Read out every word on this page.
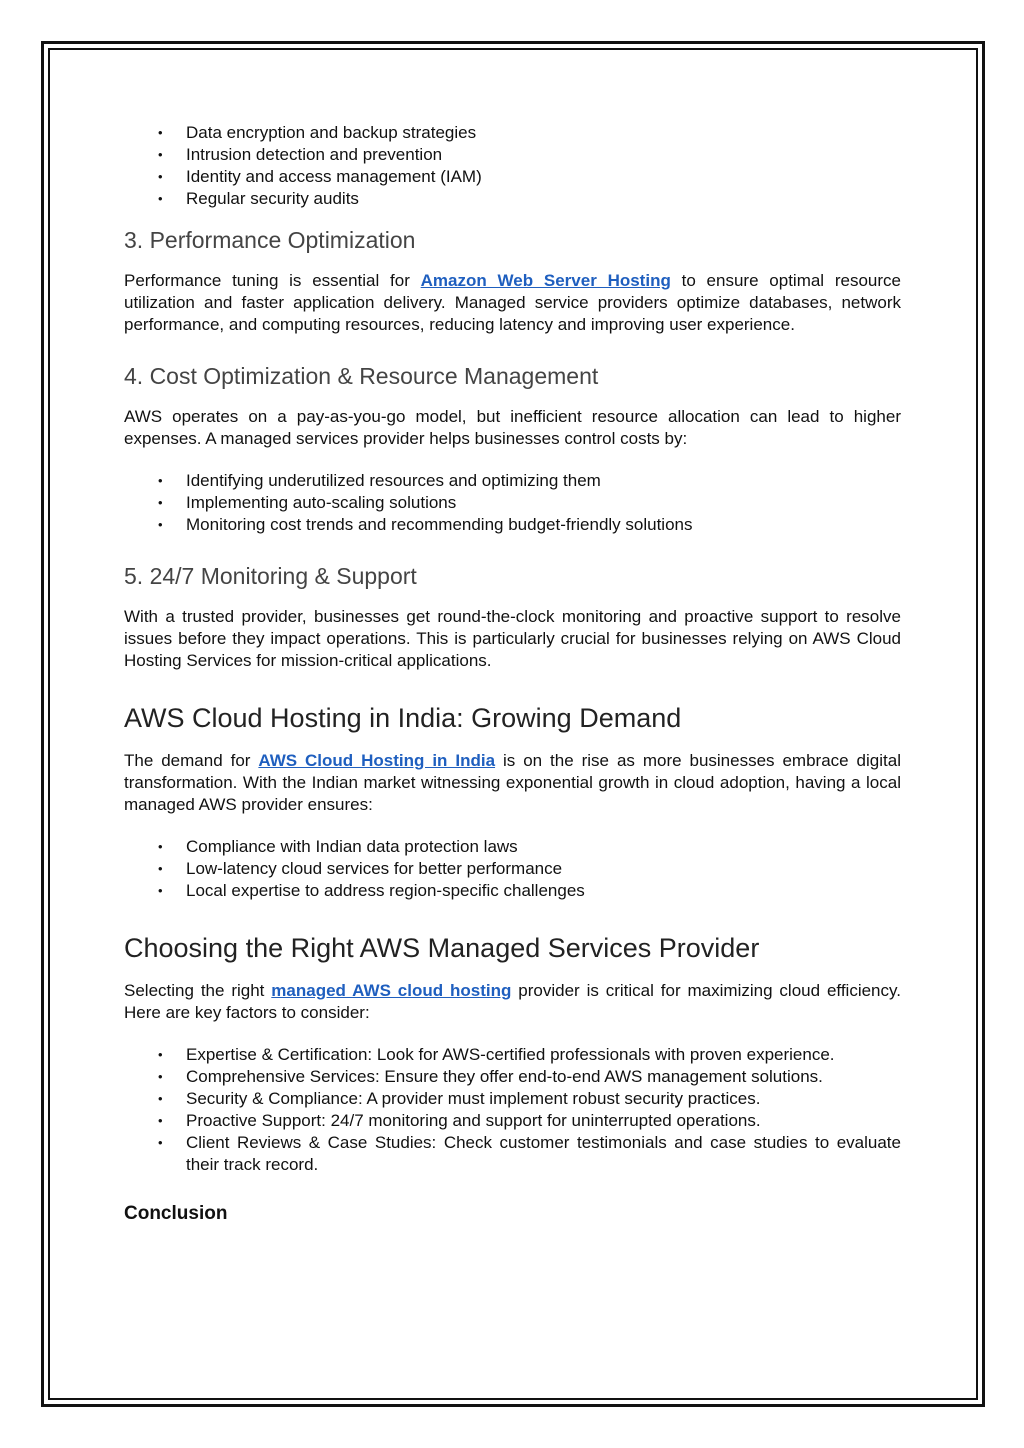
• Data encryption and backup strategies
• Intrusion detection and prevention
• Identity and access management (IAM)
• Regular security audits
3. Performance Optimization

Performance tuning is essential for Amazon Web Server Hosting to ensure optimal resource utilization and faster application delivery. Managed service providers optimize databases, network performance, and computing resources, reducing latency and improving user experience.

4. Cost Optimization & Resource Management

AWS operates on a pay-as-you-go model, but inefficient resource allocation can lead to higher expenses. A managed services provider helps businesses control costs by:

• Identifying underutilized resources and optimizing them
• Implementing auto-scaling solutions
• Monitoring cost trends and recommending budget-friendly solutions
5. 24/7 Monitoring & Support

With a trusted provider, businesses get round-the-clock monitoring and proactive support to resolve issues before they impact operations. This is particularly crucial for businesses relying on AWS Cloud Hosting Services for mission-critical applications.

AWS Cloud Hosting in India: Growing Demand

The demand for AWS Cloud Hosting in India is on the rise as more businesses embrace digital transformation. With the Indian market witnessing exponential growth in cloud adoption, having a local managed AWS provider ensures:

• Compliance with Indian data protection laws
• Low-latency cloud services for better performance
• Local expertise to address region-specific challenges
Choosing the Right AWS Managed Services Provider

Selecting the right managed AWS cloud hosting provider is critical for maximizing cloud efficiency. Here are key factors to consider:

• Expertise & Certification: Look for AWS-certified professionals with proven experience.
• Comprehensive Services: Ensure they offer end-to-end AWS management solutions.
• Security & Compliance: A provider must implement robust security practices.
• Proactive Support: 24/7 monitoring and support for uninterrupted operations.
• Client Reviews & Case Studies: Check customer testimonials and case studies to evaluate their track record.

Conclusion
